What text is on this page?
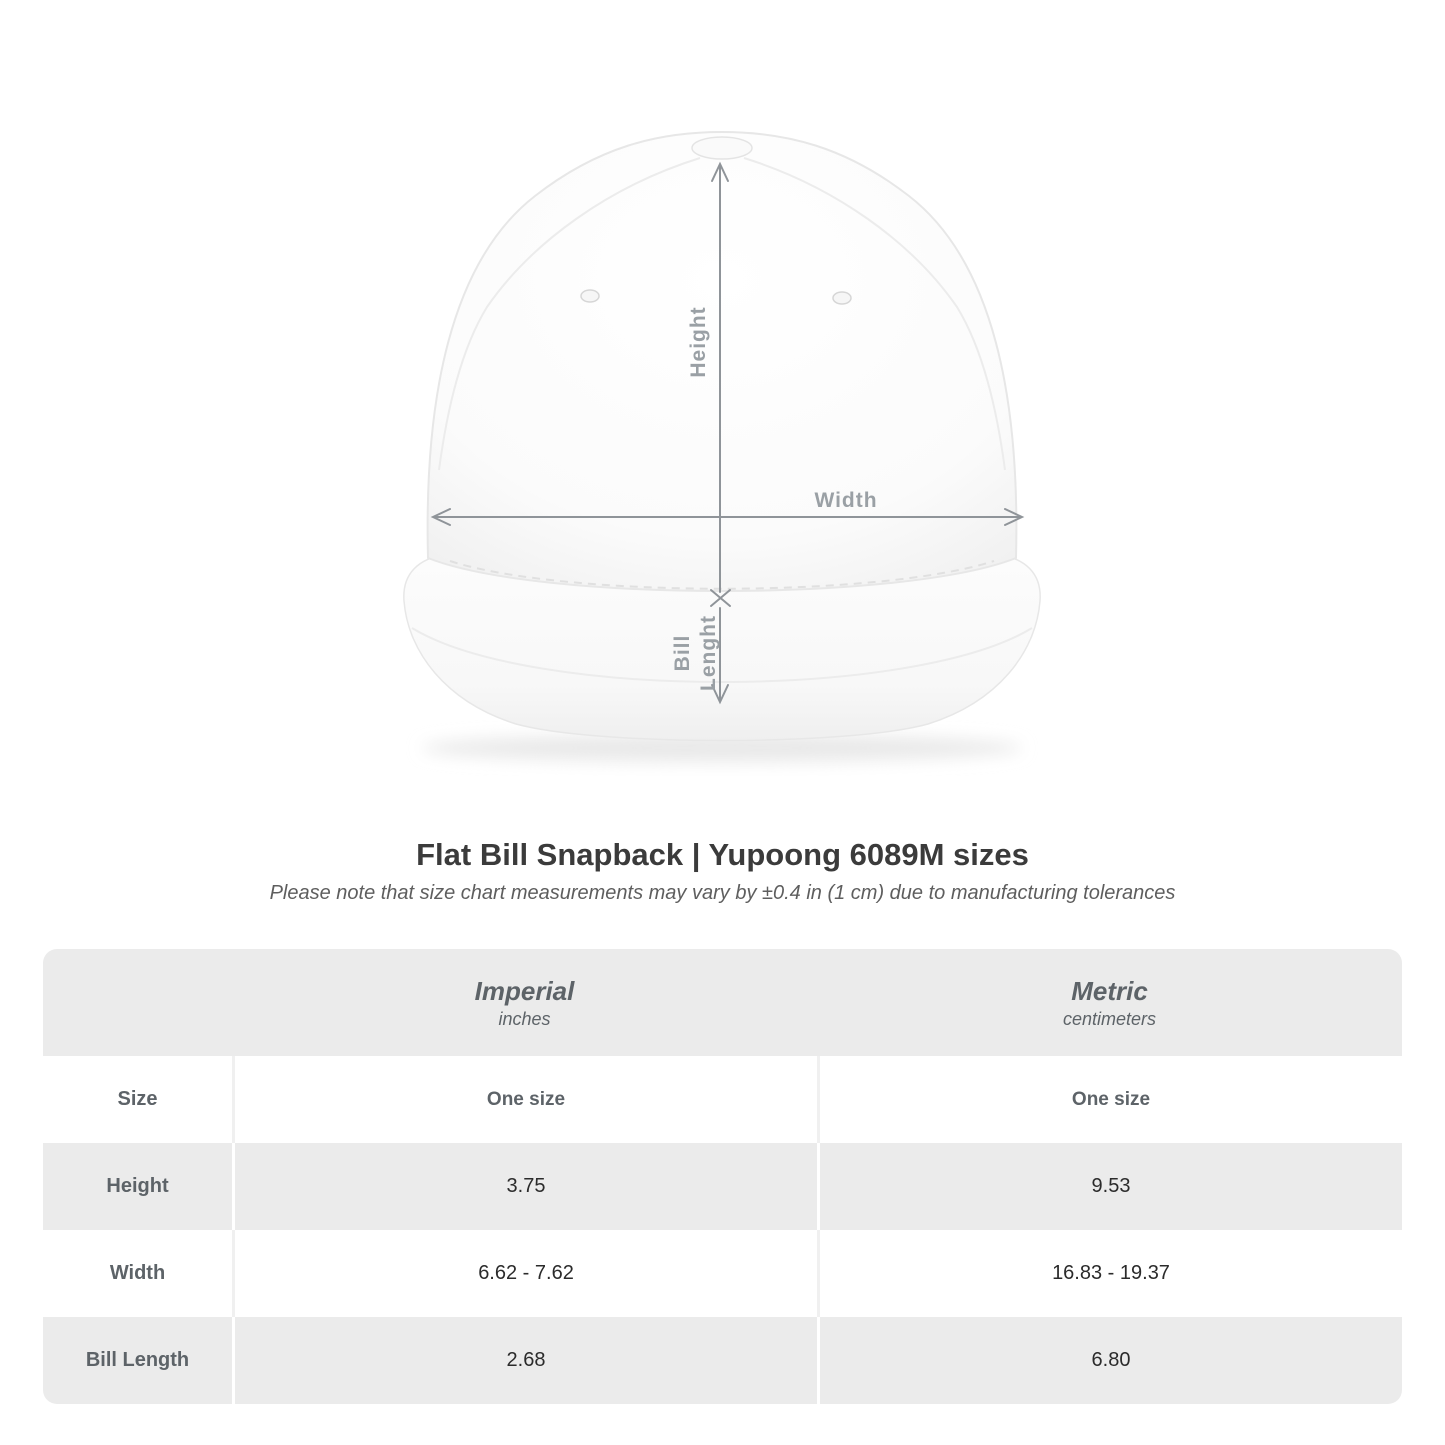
Height
Width
Bill Lenght
Flat Bill Snapback | Yupoong 6089M sizes
Please note that size chart measurements may vary by ±0.4 in (1 cm) due to manufacturing tolerances
Imperial
inches
Metric
centimeters
Size	One size	One size
Height	3.75	9.53
Width	6.62 - 7.62	16.83 - 19.37
Bill Length	2.68	6.80
